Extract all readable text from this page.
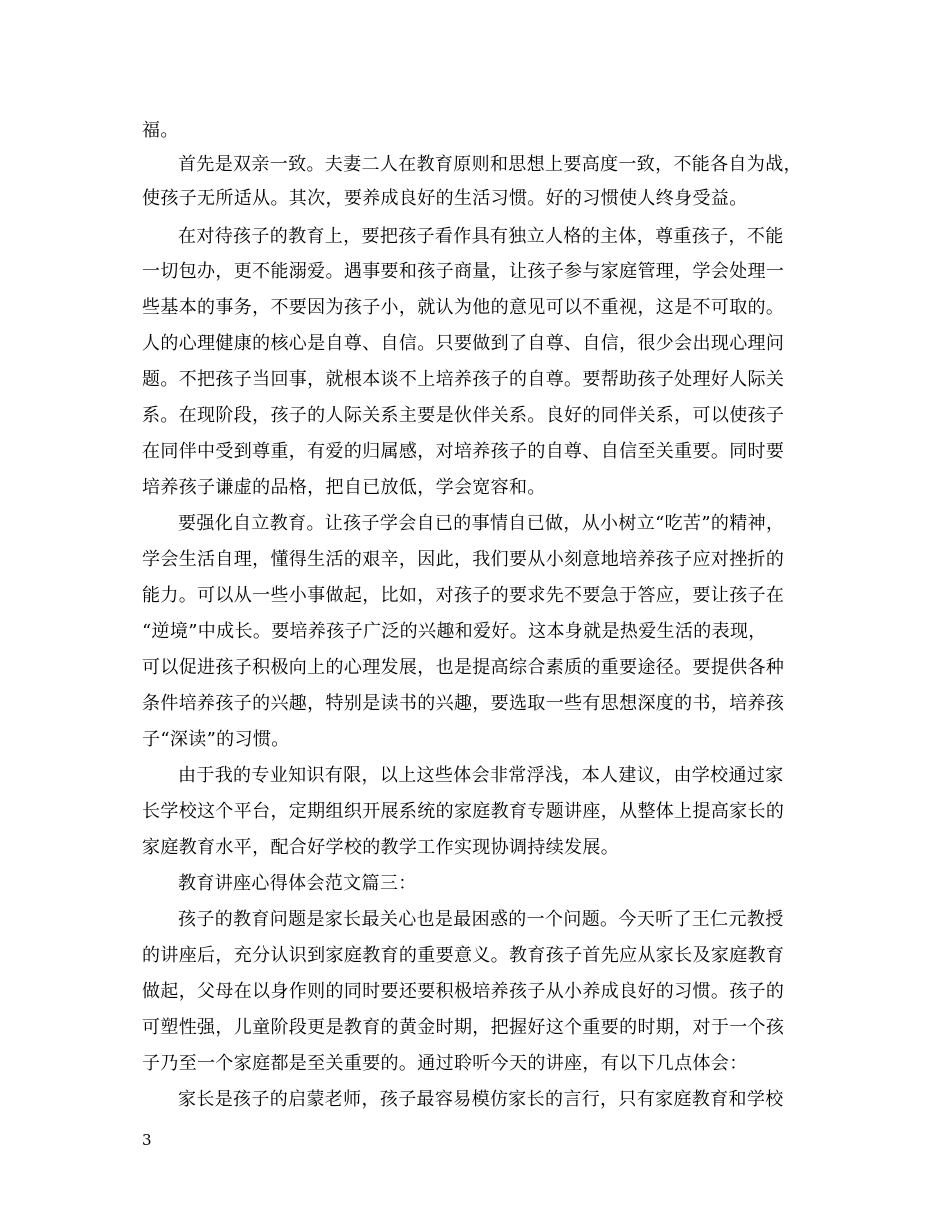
福。
首先是双亲一致。夫妻二人在教育原则和思想上要高度一致，不能各自为战，
使孩子无所适从。其次，要养成良好的生活习惯。好的习惯使人终身受益。
在对待孩子的教育上，要把孩子看作具有独立人格的主体，尊重孩子，不能
一切包办，更不能溺爱。遇事要和孩子商量，让孩子参与家庭管理，学会处理一
些基本的事务，不要因为孩子小，就认为他的意见可以不重视，这是不可取的。
人的心理健康的核心是自尊、自信。只要做到了自尊、自信，很少会出现心理问
题。不把孩子当回事，就根本谈不上培养孩子的自尊。要帮助孩子处理好人际关
系。在现阶段，孩子的人际关系主要是伙伴关系。良好的同伴关系，可以使孩子
在同伴中受到尊重，有爱的归属感，对培养孩子的自尊、自信至关重要。同时要
培养孩子谦虚的品格，把自已放低，学会宽容和。
要强化自立教育。让孩子学会自已的事情自已做，从小树立“吃苦”的精神，
学会生活自理，懂得生活的艰辛，因此，我们要从小刻意地培养孩子应对挫折的
能力。可以从一些小事做起，比如，对孩子的要求先不要急于答应，要让孩子在
“逆境”中成长。要培养孩子广泛的兴趣和爱好。这本身就是热爱生活的表现，
可以促进孩子积极向上的心理发展，也是提高综合素质的重要途径。要提供各种
条件培养孩子的兴趣，特别是读书的兴趣，要选取一些有思想深度的书，培养孩
子“深读”的习惯。
由于我的专业知识有限，以上这些体会非常浮浅，本人建议，由学校通过家
长学校这个平台，定期组织开展系统的家庭教育专题讲座，从整体上提高家长的
家庭教育水平，配合好学校的教学工作实现协调持续发展。
教育讲座心得体会范文篇三：
孩子的教育问题是家长最关心也是最困惑的一个问题。今天听了王仁元教授
的讲座后，充分认识到家庭教育的重要意义。教育孩子首先应从家长及家庭教育
做起，父母在以身作则的同时要还要积极培养孩子从小养成良好的习惯。孩子的
可塑性强，儿童阶段更是教育的黄金时期，把握好这个重要的时期，对于一个孩
子乃至一个家庭都是至关重要的。通过聆听今天的讲座，有以下几点体会：
家长是孩子的启蒙老师，孩子最容易模仿家长的言行，只有家庭教育和学校
3
